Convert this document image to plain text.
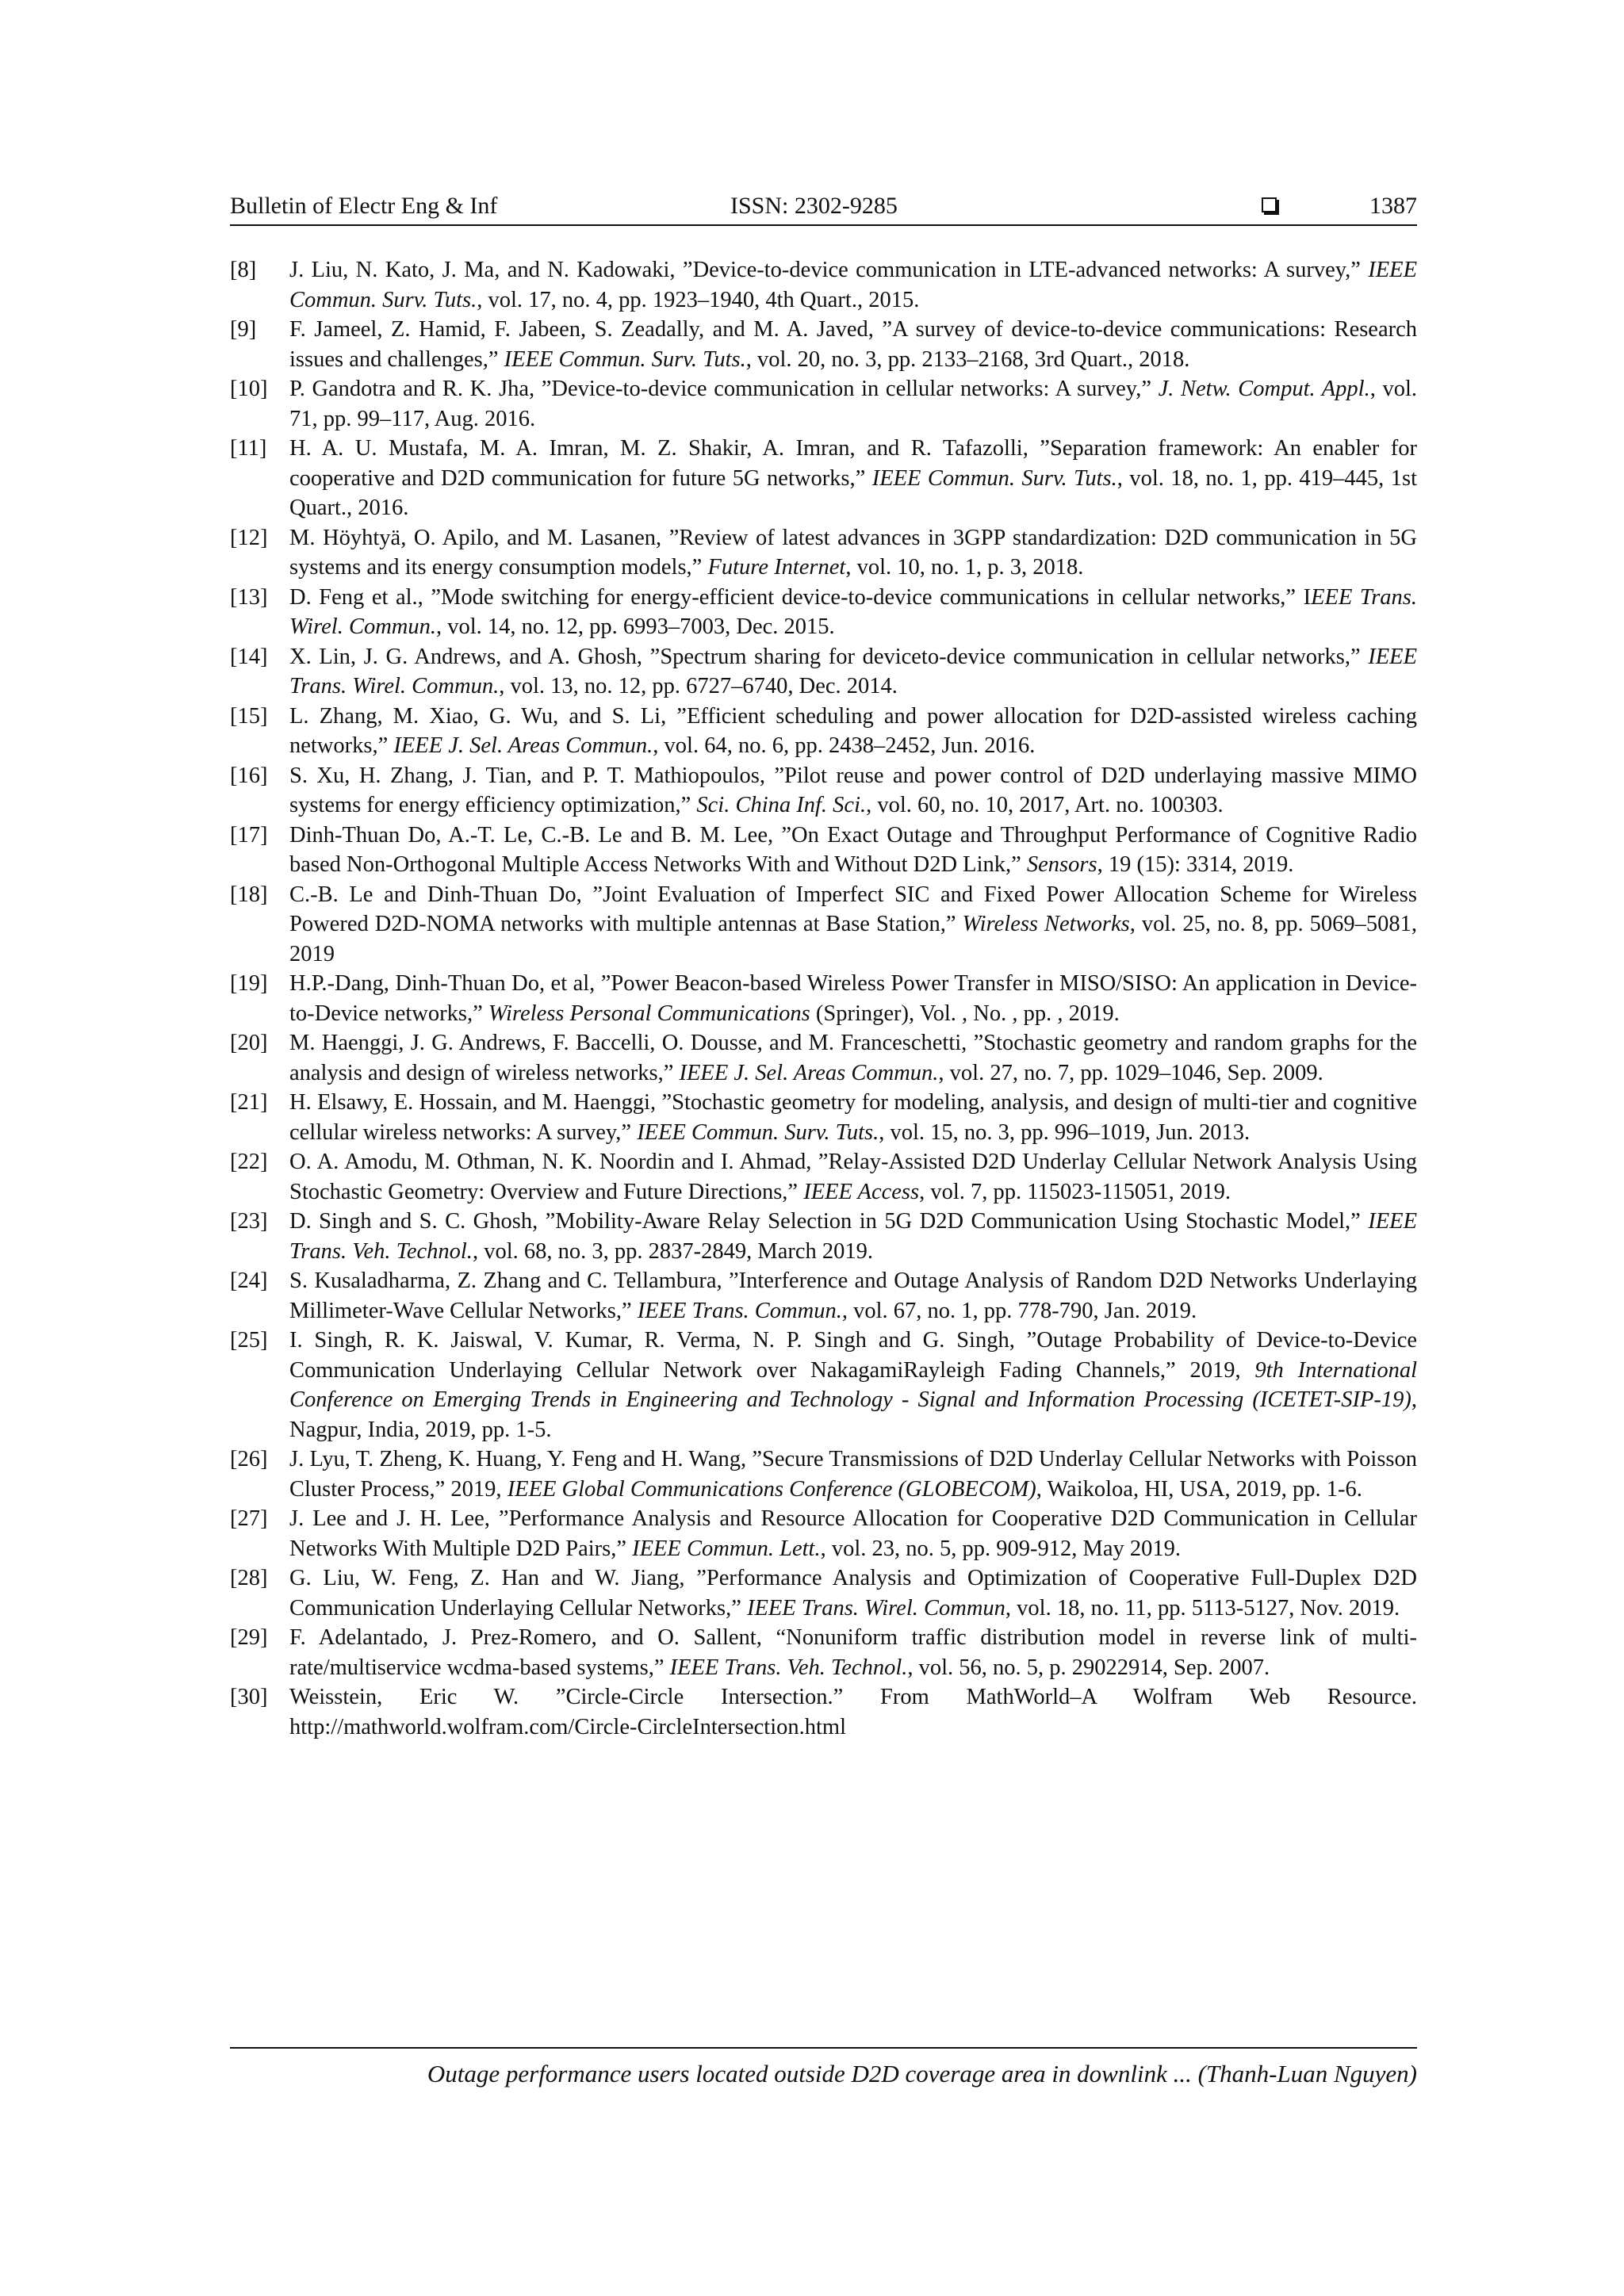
Bulletin of Electr Eng & Inf	ISSN: 2302-9285	1387
[8] J. Liu, N. Kato, J. Ma, and N. Kadowaki, ”Device-to-device communication in LTE-advanced networks: A survey,” IEEE Commun. Surv. Tuts., vol. 17, no. 4, pp. 1923–1940, 4th Quart., 2015.
[9] F. Jameel, Z. Hamid, F. Jabeen, S. Zeadally, and M. A. Javed, ”A survey of device-to-device communications: Research issues and challenges,” IEEE Commun. Surv. Tuts., vol. 20, no. 3, pp. 2133–2168, 3rd Quart., 2018.
[10] P. Gandotra and R. K. Jha, ”Device-to-device communication in cellular networks: A survey,” J. Netw. Comput. Appl., vol. 71, pp. 99–117, Aug. 2016.
[11] H. A. U. Mustafa, M. A. Imran, M. Z. Shakir, A. Imran, and R. Tafazolli, ”Separation framework: An enabler for cooperative and D2D communication for future 5G networks,” IEEE Commun. Surv. Tuts., vol. 18, no. 1, pp. 419–445, 1st Quart., 2016.
[12] M. Höyhtyä, O. Apilo, and M. Lasanen, ”Review of latest advances in 3GPP standardization: D2D communication in 5G systems and its energy consumption models,” Future Internet, vol. 10, no. 1, p. 3, 2018.
[13] D. Feng et al., ”Mode switching for energy-efficient device-to-device communications in cellular networks,” IEEE Trans. Wirel. Commun., vol. 14, no. 12, pp. 6993–7003, Dec. 2015.
[14] X. Lin, J. G. Andrews, and A. Ghosh, ”Spectrum sharing for deviceto-device communication in cellular networks,” IEEE Trans. Wirel. Commun., vol. 13, no. 12, pp. 6727–6740, Dec. 2014.
[15] L. Zhang, M. Xiao, G. Wu, and S. Li, ”Efficient scheduling and power allocation for D2D-assisted wireless caching networks,” IEEE J. Sel. Areas Commun., vol. 64, no. 6, pp. 2438–2452, Jun. 2016.
[16] S. Xu, H. Zhang, J. Tian, and P. T. Mathiopoulos, ”Pilot reuse and power control of D2D underlaying massive MIMO systems for energy efficiency optimization,” Sci. China Inf. Sci., vol. 60, no. 10, 2017, Art. no. 100303.
[17] Dinh-Thuan Do, A.-T. Le, C.-B. Le and B. M. Lee, ”On Exact Outage and Throughput Performance of Cognitive Radio based Non-Orthogonal Multiple Access Networks With and Without D2D Link,” Sensors, 19 (15): 3314, 2019.
[18] C.-B. Le and Dinh-Thuan Do, ”Joint Evaluation of Imperfect SIC and Fixed Power Allocation Scheme for Wireless Powered D2D-NOMA networks with multiple antennas at Base Station,” Wireless Networks, vol. 25, no. 8, pp. 5069–5081, 2019
[19] H.P.-Dang, Dinh-Thuan Do, et al, ”Power Beacon-based Wireless Power Transfer in MISO/SISO: An application in Device-to-Device networks,” Wireless Personal Communications (Springer), Vol. , No. , pp. , 2019.
[20] M. Haenggi, J. G. Andrews, F. Baccelli, O. Dousse, and M. Franceschetti, ”Stochastic geometry and random graphs for the analysis and design of wireless networks,” IEEE J. Sel. Areas Commun., vol. 27, no. 7, pp. 1029–1046, Sep. 2009.
[21] H. Elsawy, E. Hossain, and M. Haenggi, ”Stochastic geometry for modeling, analysis, and design of multi-tier and cognitive cellular wireless networks: A survey,” IEEE Commun. Surv. Tuts., vol. 15, no. 3, pp. 996–1019, Jun. 2013.
[22] O. A. Amodu, M. Othman, N. K. Noordin and I. Ahmad, ”Relay-Assisted D2D Underlay Cellular Network Analysis Using Stochastic Geometry: Overview and Future Directions,” IEEE Access, vol. 7, pp. 115023-115051, 2019.
[23] D. Singh and S. C. Ghosh, ”Mobility-Aware Relay Selection in 5G D2D Communication Using Stochastic Model,” IEEE Trans. Veh. Technol., vol. 68, no. 3, pp. 2837-2849, March 2019.
[24] S. Kusaladharma, Z. Zhang and C. Tellambura, ”Interference and Outage Analysis of Random D2D Networks Underlaying Millimeter-Wave Cellular Networks,” IEEE Trans. Commun., vol. 67, no. 1, pp. 778-790, Jan. 2019.
[25] I. Singh, R. K. Jaiswal, V. Kumar, R. Verma, N. P. Singh and G. Singh, ”Outage Probability of Device-to-Device Communication Underlaying Cellular Network over NakagamiRayleigh Fading Channels,” 2019, 9th International Conference on Emerging Trends in Engineering and Technology - Signal and Information Processing (ICETET-SIP-19), Nagpur, India, 2019, pp. 1-5.
[26] J. Lyu, T. Zheng, K. Huang, Y. Feng and H. Wang, ”Secure Transmissions of D2D Underlay Cellular Networks with Poisson Cluster Process,” 2019, IEEE Global Communications Conference (GLOBECOM), Waikoloa, HI, USA, 2019, pp. 1-6.
[27] J. Lee and J. H. Lee, ”Performance Analysis and Resource Allocation for Cooperative D2D Communication in Cellular Networks With Multiple D2D Pairs,” IEEE Commun. Lett., vol. 23, no. 5, pp. 909-912, May 2019.
[28] G. Liu, W. Feng, Z. Han and W. Jiang, ”Performance Analysis and Optimization of Cooperative Full-Duplex D2D Communication Underlaying Cellular Networks,” IEEE Trans. Wirel. Commun, vol. 18, no. 11, pp. 5113-5127, Nov. 2019.
[29] F. Adelantado, J. Prez-Romero, and O. Sallent, “Nonuniform traffic distribution model in reverse link of multi-rate/multiservice wcdma-based systems,” IEEE Trans. Veh. Technol., vol. 56, no. 5, p. 29022914, Sep. 2007.
[30] Weisstein, Eric W. ”Circle-Circle Intersection.” From MathWorld–A Wolfram Web Resource. http://mathworld.wolfram.com/Circle-CircleIntersection.html
Outage performance users located outside D2D coverage area in downlink ... (Thanh-Luan Nguyen)
